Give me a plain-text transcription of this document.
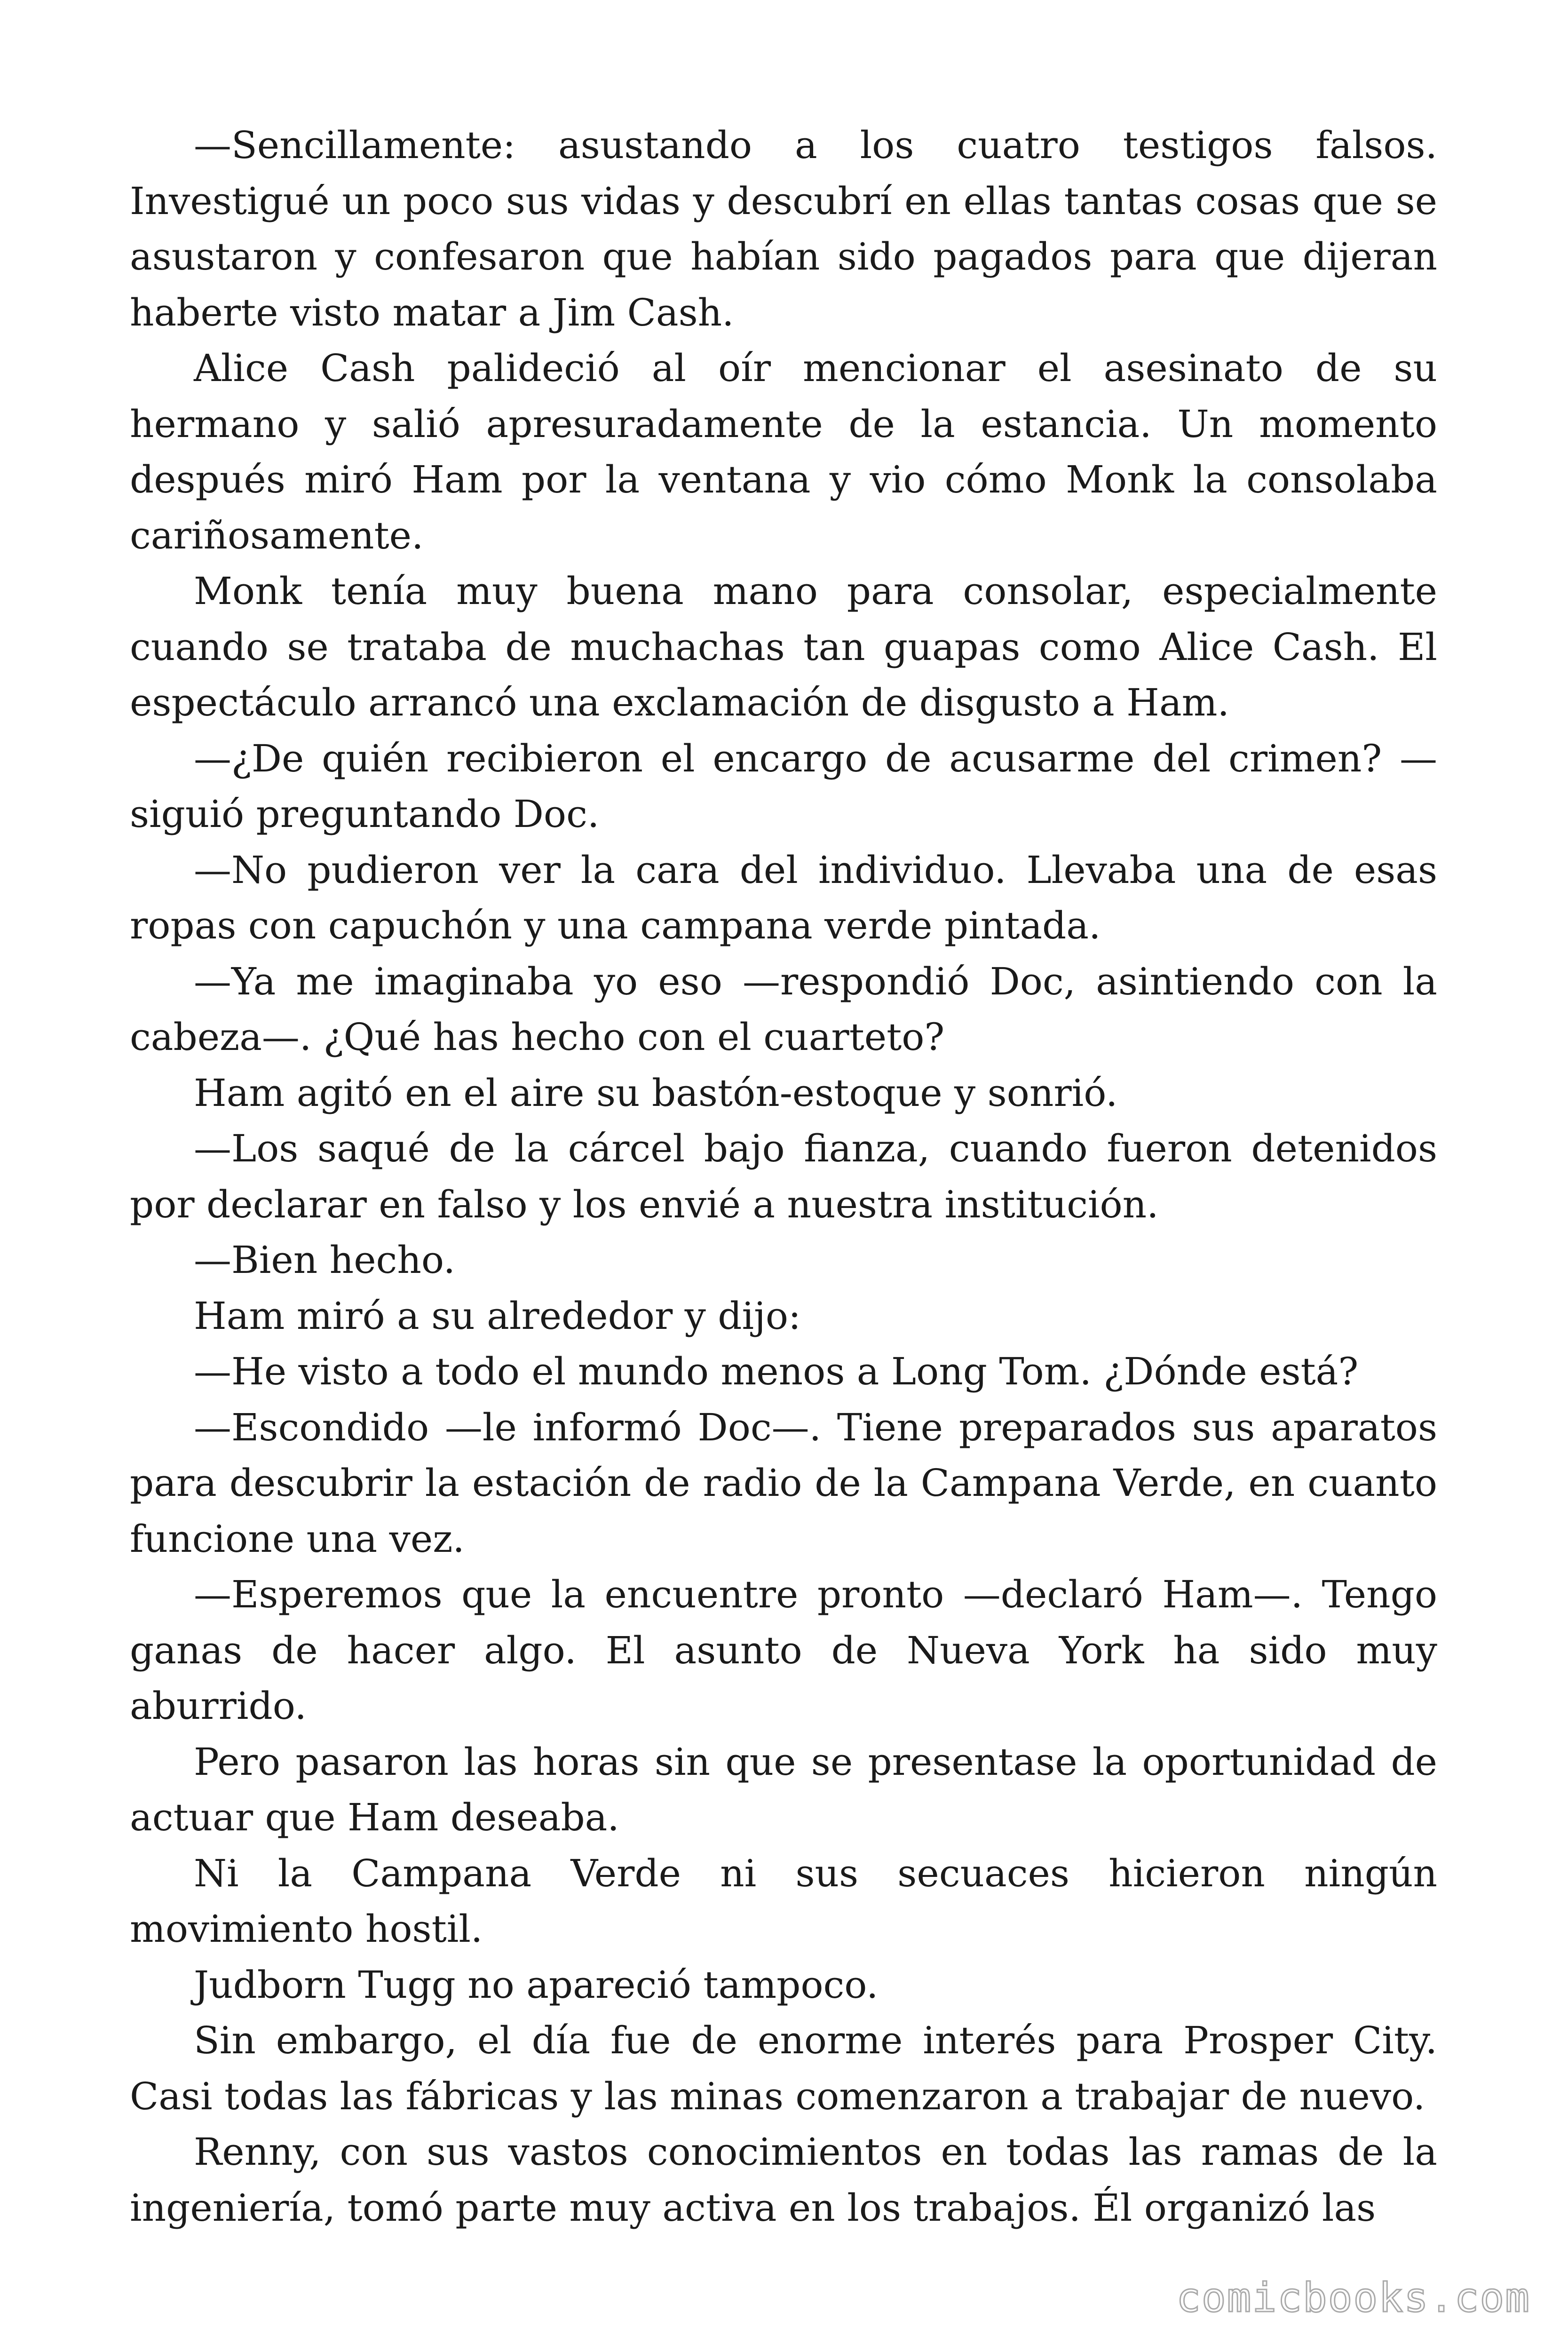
—Sencillamente: asustando a los cuatro testigos falsos. Investigué un poco sus vidas y descubrí en ellas tantas cosas que se asustaron y confesaron que habían sido pagados para que dijeran haberte visto matar a Jim Cash.

Alice Cash palideció al oír mencionar el asesinato de su hermano y salió apresuradamente de la estancia. Un momento después miró Ham por la ventana y vio cómo Monk la consolaba cariñosamente.

Monk tenía muy buena mano para consolar, especialmente cuando se trataba de muchachas tan guapas como Alice Cash. El espectáculo arrancó una exclamación de disgusto a Ham.

—¿De quién recibieron el encargo de acusarme del crimen? —siguió preguntando Doc.

—No pudieron ver la cara del individuo. Llevaba una de esas ropas con capuchón y una campana verde pintada.

—Ya me imaginaba yo eso —respondió Doc, asintiendo con la cabeza—. ¿Qué has hecho con el cuarteto?

Ham agitó en el aire su bastón-estoque y sonrió.

—Los saqué de la cárcel bajo fianza, cuando fueron detenidos por declarar en falso y los envié a nuestra institución.

—Bien hecho.

Ham miró a su alrededor y dijo:

—He visto a todo el mundo menos a Long Tom. ¿Dónde está?

—Escondido —le informó Doc—. Tiene preparados sus aparatos para descubrir la estación de radio de la Campana Verde, en cuanto funcione una vez.

—Esperemos que la encuentre pronto —declaró Ham—. Tengo ganas de hacer algo. El asunto de Nueva York ha sido muy aburrido.

Pero pasaron las horas sin que se presentase la oportunidad de actuar que Ham deseaba.

Ni la Campana Verde ni sus secuaces hicieron ningún movimiento hostil.

Judborn Tugg no apareció tampoco.

Sin embargo, el día fue de enorme interés para Prosper City. Casi todas las fábricas y las minas comenzaron a trabajar de nuevo.

Renny, con sus vastos conocimientos en todas las ramas de la ingeniería, tomó parte muy activa en los trabajos. Él organizó las

comicbooks.com
